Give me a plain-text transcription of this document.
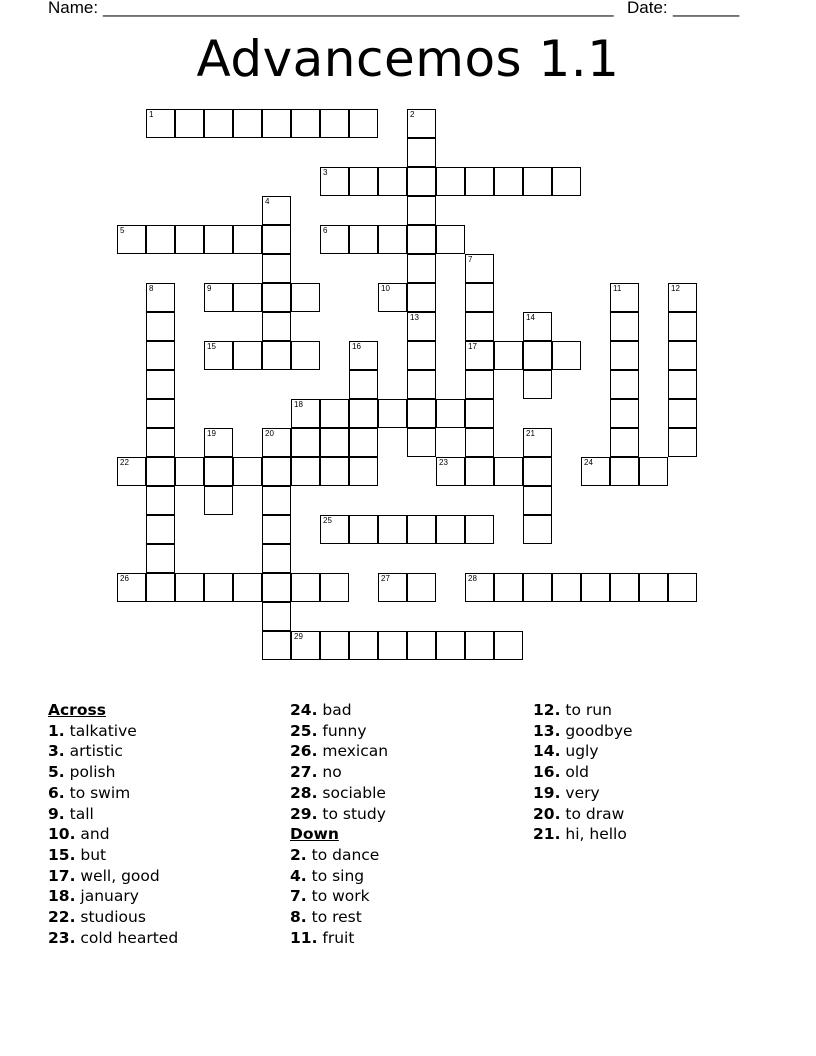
Name: ______________________________________________________ Date: _______
Advancemos 1.1
1
3
5	6
9	10
15	17
18
20
22	23	24
25
26	27	28
29
2
4
7
8	11	12
13	14
16
19	21
Across
1. talkative
3. artistic
5. polish
6. to swim
9. tall
10. and
15. but
17. well, good
18. january
22. studious
23. cold hearted
24. bad
25. funny
26. mexican
27. no
28. sociable
29. to study
Down
2. to dance
4. to sing
7. to work
8. to rest
11. fruit
12. to run
13. goodbye
14. ugly
16. old
19. very
20. to draw
21. hi, hello
